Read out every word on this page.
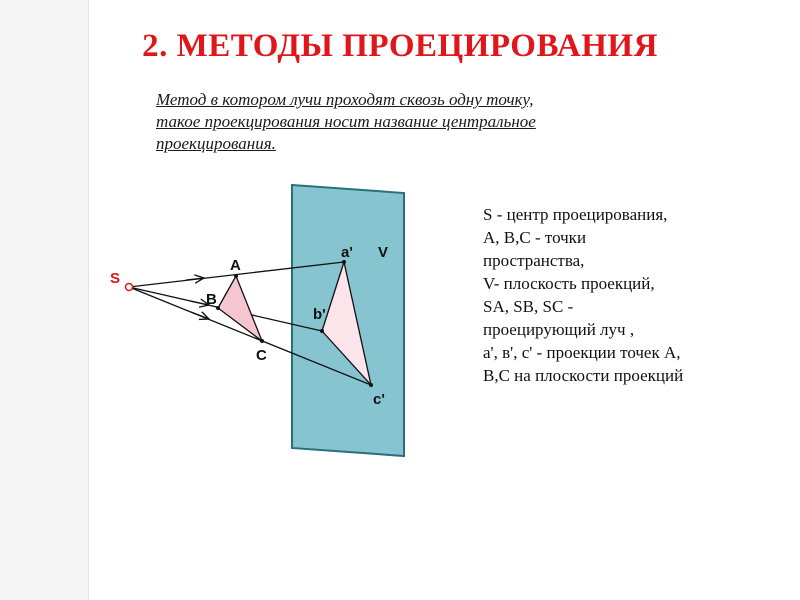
2. МЕТОДЫ ПРОЕЦИРОВАНИЯ
Метод в котором лучи проходят сквозь одну точку,
такое проекцирования носит название центральное
проекцирования.
S
A
B
C
a'
b'
c'
V
S - центр проецирования,
A, B,C - точки
пространства,
V- плоскость проекций,
SA, SB, SC -
проецирующий луч ,
a', в', с' - проекции точек А,
В,С на плоскости проекций
